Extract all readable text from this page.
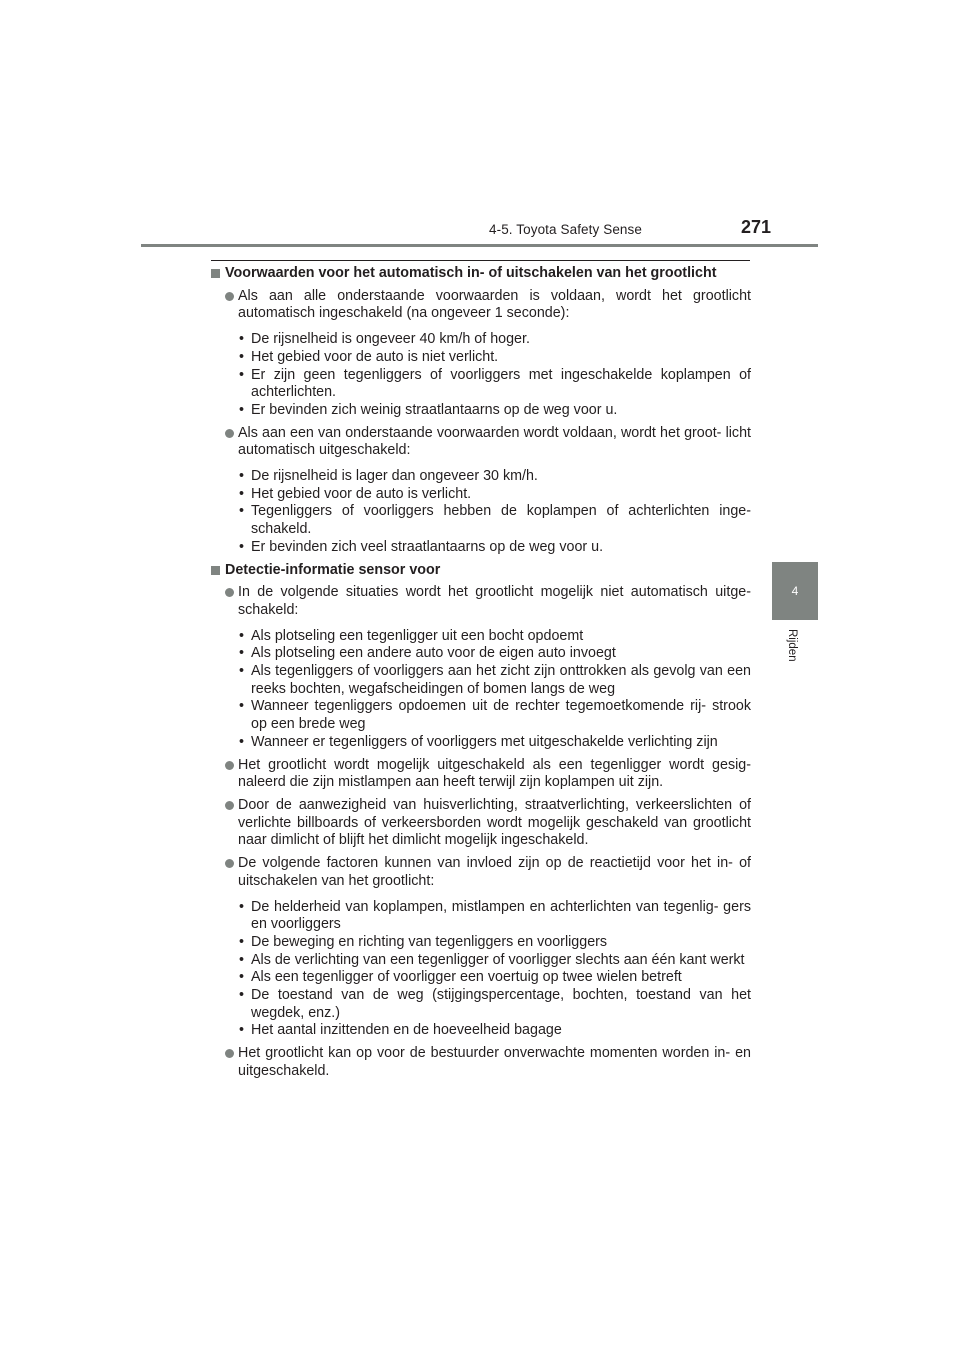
4-5. Toyota Safety Sense	271
4
Rijden
Voorwaarden voor het automatisch in- of uitschakelen van het grootlicht
Als aan alle onderstaande voorwaarden is voldaan, wordt het grootlicht automatisch ingeschakeld (na ongeveer 1 seconde):
• De rijsnelheid is ongeveer 40 km/h of hoger.
• Het gebied voor de auto is niet verlicht.
• Er zijn geen tegenliggers of voorliggers met ingeschakelde koplampen of achterlichten.
• Er bevinden zich weinig straatlantaarns op de weg voor u.
Als aan een van onderstaande voorwaarden wordt voldaan, wordt het groot- licht automatisch uitgeschakeld:
• De rijsnelheid is lager dan ongeveer 30 km/h.
• Het gebied voor de auto is verlicht.
• Tegenliggers of voorliggers hebben de koplampen of achterlichten inge- schakeld.
• Er bevinden zich veel straatlantaarns op de weg voor u.
Detectie-informatie sensor voor
In de volgende situaties wordt het grootlicht mogelijk niet automatisch uitge- schakeld:
• Als plotseling een tegenligger uit een bocht opdoemt
• Als plotseling een andere auto voor de eigen auto invoegt
• Als tegenliggers of voorliggers aan het zicht zijn onttrokken als gevolg van een reeks bochten, wegafscheidingen of bomen langs de weg
• Wanneer tegenliggers opdoemen uit de rechter tegemoetkomende rij- strook op een brede weg
• Wanneer er tegenliggers of voorliggers met uitgeschakelde verlichting zijn
Het grootlicht wordt mogelijk uitgeschakeld als een tegenligger wordt gesig- naleerd die zijn mistlampen aan heeft terwijl zijn koplampen uit zijn.
Door de aanwezigheid van huisverlichting, straatverlichting, verkeerslichten of verlichte billboards of verkeersborden wordt mogelijk geschakeld van grootlicht naar dimlicht of blijft het dimlicht mogelijk ingeschakeld.
De volgende factoren kunnen van invloed zijn op de reactietijd voor het in- of uitschakelen van het grootlicht:
• De helderheid van koplampen, mistlampen en achterlichten van tegenlig- gers en voorliggers
• De beweging en richting van tegenliggers en voorliggers
• Als de verlichting van een tegenligger of voorligger slechts aan één kant werkt
• Als een tegenligger of voorligger een voertuig op twee wielen betreft
• De toestand van de weg (stijgingspercentage, bochten, toestand van het wegdek, enz.)
• Het aantal inzittenden en de hoeveelheid bagage
Het grootlicht kan op voor de bestuurder onverwachte momenten worden in- en uitgeschakeld.
